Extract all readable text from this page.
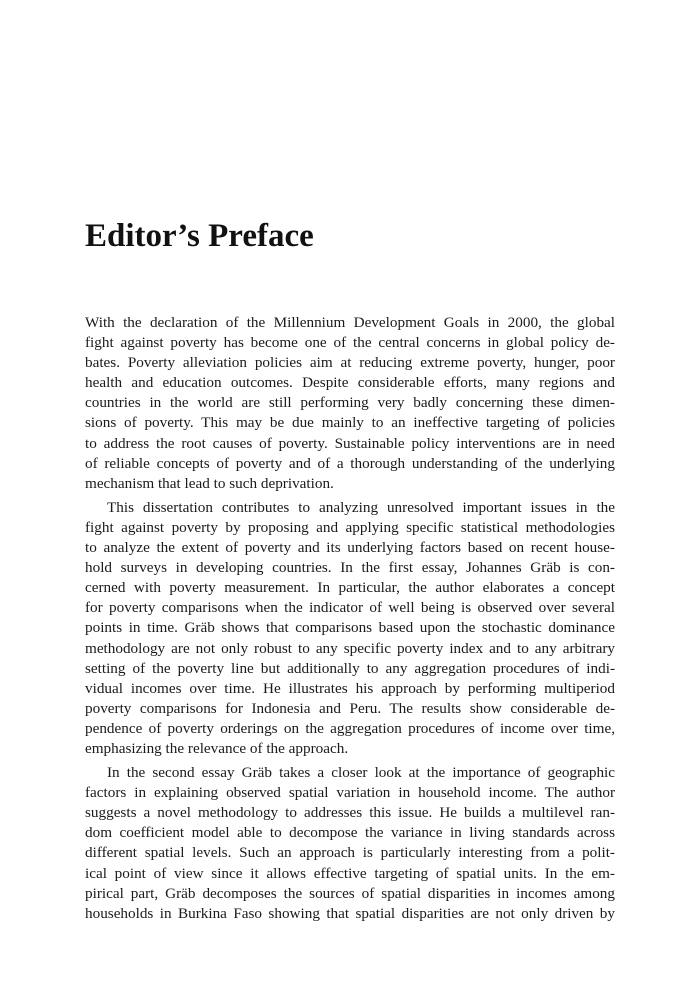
Editor’s Preface

With the declaration of the Millennium Development Goals in 2000, the global
fight against poverty has become one of the central concerns in global policy de-
bates. Poverty alleviation policies aim at reducing extreme poverty, hunger, poor
health and education outcomes. Despite considerable efforts, many regions and
countries in the world are still performing very badly concerning these dimen-
sions of poverty. This may be due mainly to an ineffective targeting of policies
to address the root causes of poverty. Sustainable policy interventions are in need
of reliable concepts of poverty and of a thorough understanding of the underlying
mechanism that lead to such deprivation.

This dissertation contributes to analyzing unresolved important issues in the
fight against poverty by proposing and applying specific statistical methodologies
to analyze the extent of poverty and its underlying factors based on recent house-
hold surveys in developing countries. In the first essay, Johannes Gräb is con-
cerned with poverty measurement. In particular, the author elaborates a concept
for poverty comparisons when the indicator of well being is observed over several
points in time. Gräb shows that comparisons based upon the stochastic dominance
methodology are not only robust to any specific poverty index and to any arbitrary
setting of the poverty line but additionally to any aggregation procedures of indi-
vidual incomes over time. He illustrates his approach by performing multiperiod
poverty comparisons for Indonesia and Peru. The results show considerable de-
pendence of poverty orderings on the aggregation procedures of income over time,
emphasizing the relevance of the approach.

In the second essay Gräb takes a closer look at the importance of geographic
factors in explaining observed spatial variation in household income. The author
suggests a novel methodology to addresses this issue. He builds a multilevel ran-
dom coefficient model able to decompose the variance in living standards across
different spatial levels. Such an approach is particularly interesting from a polit-
ical point of view since it allows effective targeting of spatial units. In the em-
pirical part, Gräb decomposes the sources of spatial disparities in incomes among
households in Burkina Faso showing that spatial disparities are not only driven by
